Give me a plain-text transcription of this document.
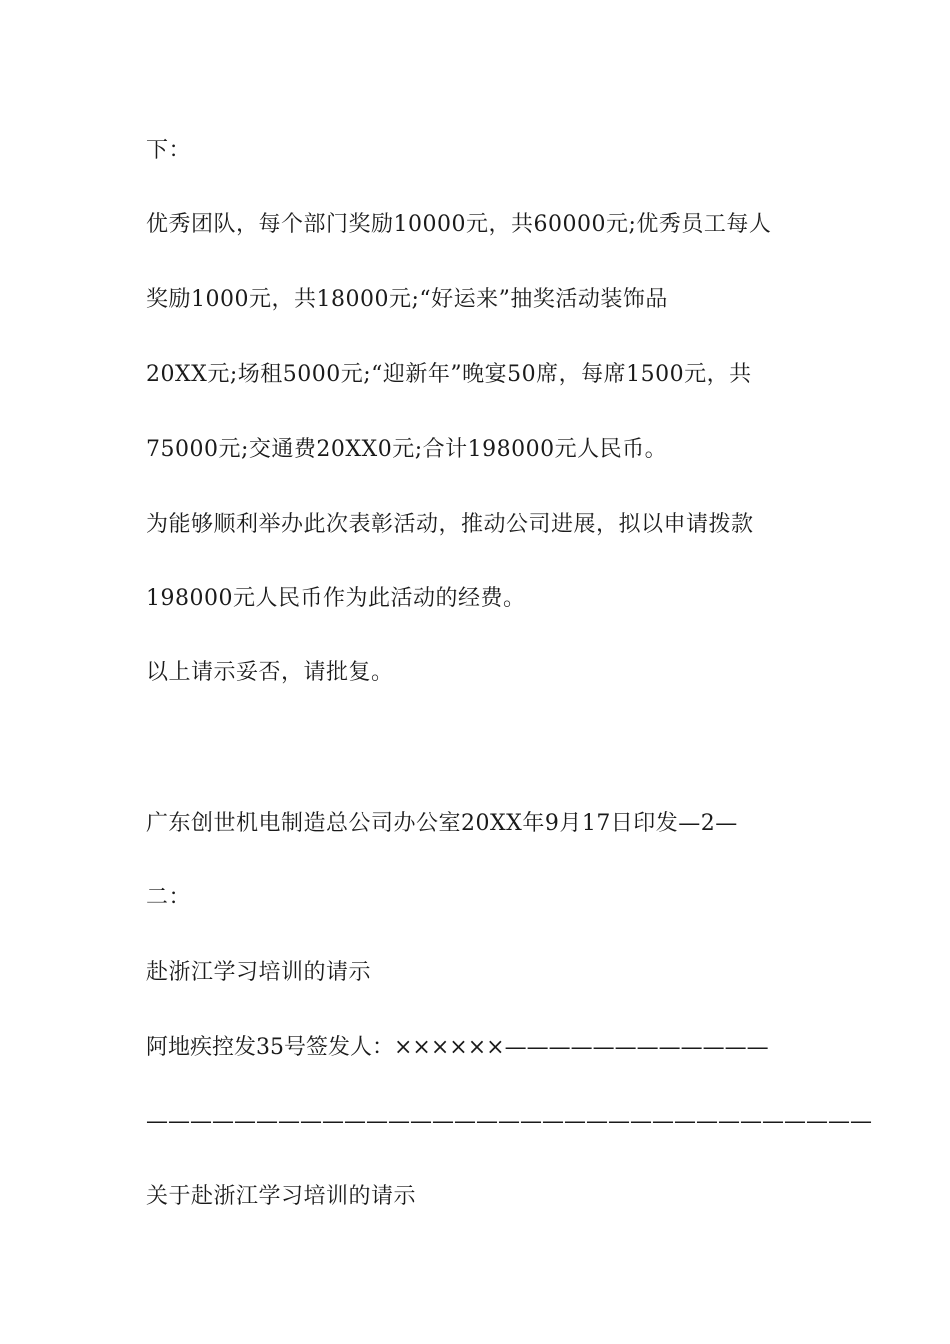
下：
优秀团队，每个部门奖励10000元，共60000元;优秀员工每人
奖励1000元，共18000元;“好运来”抽奖活动装饰品
20XX元;场租5000元;“迎新年”晚宴50席，每席1500元，共
75000元;交通费20XX0元;合计198000元人民币。
为能够顺利举办此次表彰活动，推动公司进展，拟以申请拨款
198000元人民币作为此活动的经费。
以上请示妥否，请批复。
广东创世机电制造总公司办公室20XX年9月17日印发—2—
二：
赴浙江学习培训的请示
阿地疾控发35号签发人：××××××————————————
—————————————————————————————————
关于赴浙江学习培训的请示
